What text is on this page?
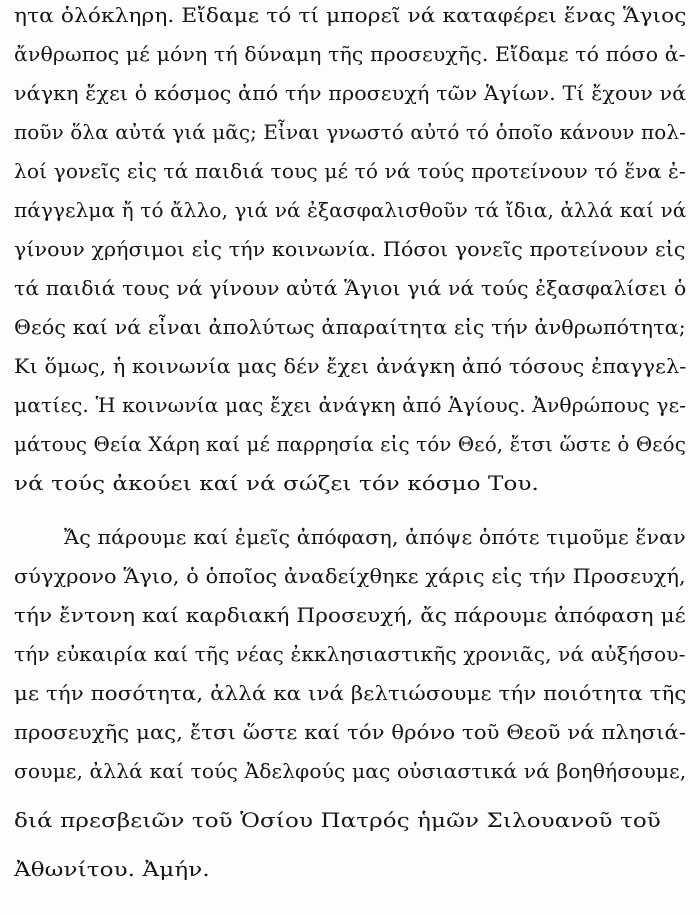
ητα ὁλόκληρη. Εἴδαμε τό τί μπορεῖ νά καταφέρει ἕνας Ἅγιος
ἄνθρωπος μέ μόνη τή δύναμη τῆς προσευχῆς. Εἴδαμε τό πόσο ἀ-
νάγκη ἔχει ὁ κόσμος ἀπό τήν προσευχή τῶν Ἁγίων. Τί ἔχουν νά
ποῦν ὅλα αὐτά γιά μᾶς; Εἶναι γνωστό αὐτό τό ὁποῖο κάνουν πολ-
λοί γονεῖς εἰς τά παιδιά τους μέ τό νά τούς προτείνουν τό ἕνα ἐ-
πάγγελμα ἤ τό ἄλλο, γιά νά ἐξασφαλισθοῦν τά ἴδια, ἀλλά καί νά
γίνουν χρήσιμοι εἰς τήν κοινωνία. Πόσοι γονεῖς προτείνουν εἰς
τά παιδιά τους νά γίνουν αὐτά Ἅγιοι γιά νά τούς ἐξασφαλίσει ὁ
Θεός καί νά εἶναι ἀπολύτως ἀπαραίτητα εἰς τήν ἀνθρωπότητα;
Κι ὅμως, ἡ κοινωνία μας δέν ἔχει ἀνάγκη ἀπό τόσους ἐπαγγελ-
ματίες. Ἡ κοινωνία μας ἔχει ἀνάγκη ἀπό Ἁγίους. Ἀνθρώπους γε-
μάτους Θεία Χάρη καί μέ παρρησία εἰς τόν Θεό, ἔτσι ὥστε ὁ Θεός
νά τούς ἀκούει καί νά σώζει τόν κόσμο Του.
Ἄς πάρουμε καί ἐμεῖς ἀπόφαση, ἀπόψε ὁπότε τιμοῦμε ἕναν
σύγχρονο Ἅγιο, ὁ ὁποῖος ἀναδείχθηκε χάρις εἰς τήν Προσευχή,
τήν ἔντονη καί καρδιακή Προσευχή, ἄς πάρουμε ἀπόφαση μέ
τήν εὐκαιρία καί τῆς νέας ἐκκλησιαστικῆς χρονιᾶς, νά αὐξήσου-
με τήν ποσότητα, ἀλλά κα ινά βελτιώσουμε τήν ποιότητα τῆς
προσευχῆς μας, ἔτσι ὥστε καί τόν θρόνο τοῦ Θεοῦ νά πλησιά-
σουμε, ἀλλά καί τούς Ἀδελφούς μας οὐσιαστικά νά βοηθήσουμε,
διά πρεσβειῶν τοῦ Ὁσίου Πατρός ἡμῶν Σιλουανοῦ τοῦ
Ἀθωνίτου. Ἀμήν.
